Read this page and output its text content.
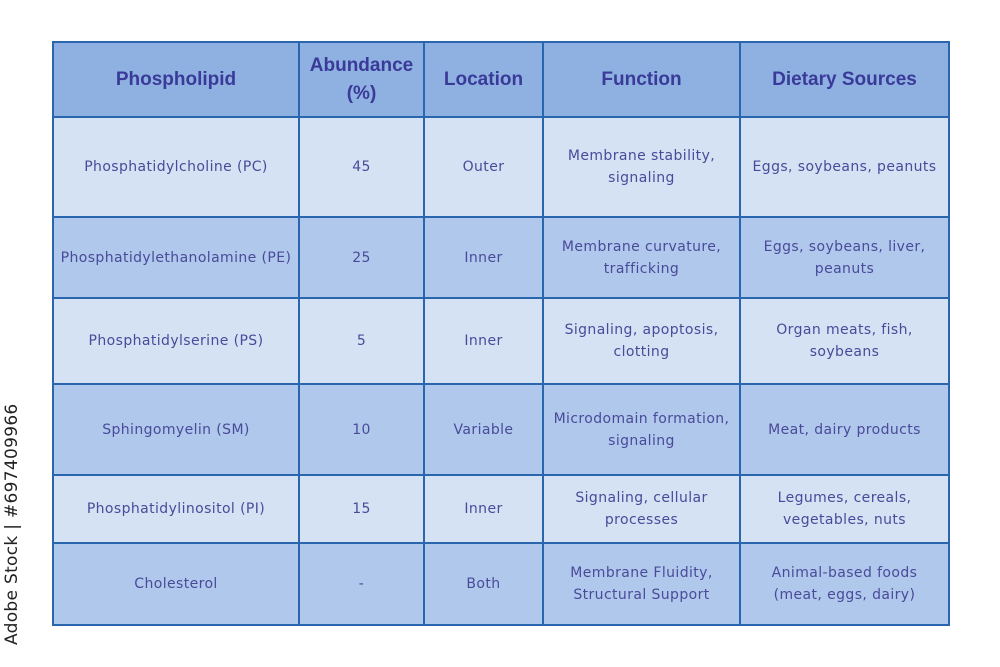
Adobe Stock | #697409966
Phospholipid	Abundance (%)	Location	Function	Dietary Sources
Phosphatidylcholine (PC)	45	Outer	Membrane stability, signaling	Eggs, soybeans, peanuts
Phosphatidylethanolamine (PE)	25	Inner	Membrane curvature, trafficking	Eggs, soybeans, liver, peanuts
Phosphatidylserine (PS)	5	Inner	Signaling, apoptosis, clotting	Organ meats, fish, soybeans
Sphingomyelin (SM)	10	Variable	Microdomain formation, signaling	Meat, dairy products
Phosphatidylinositol (PI)	15	Inner	Signaling, cellular processes	Legumes, cereals, vegetables, nuts
Cholesterol	-	Both	Membrane Fluidity, Structural Support	Animal-based foods (meat, eggs, dairy)
